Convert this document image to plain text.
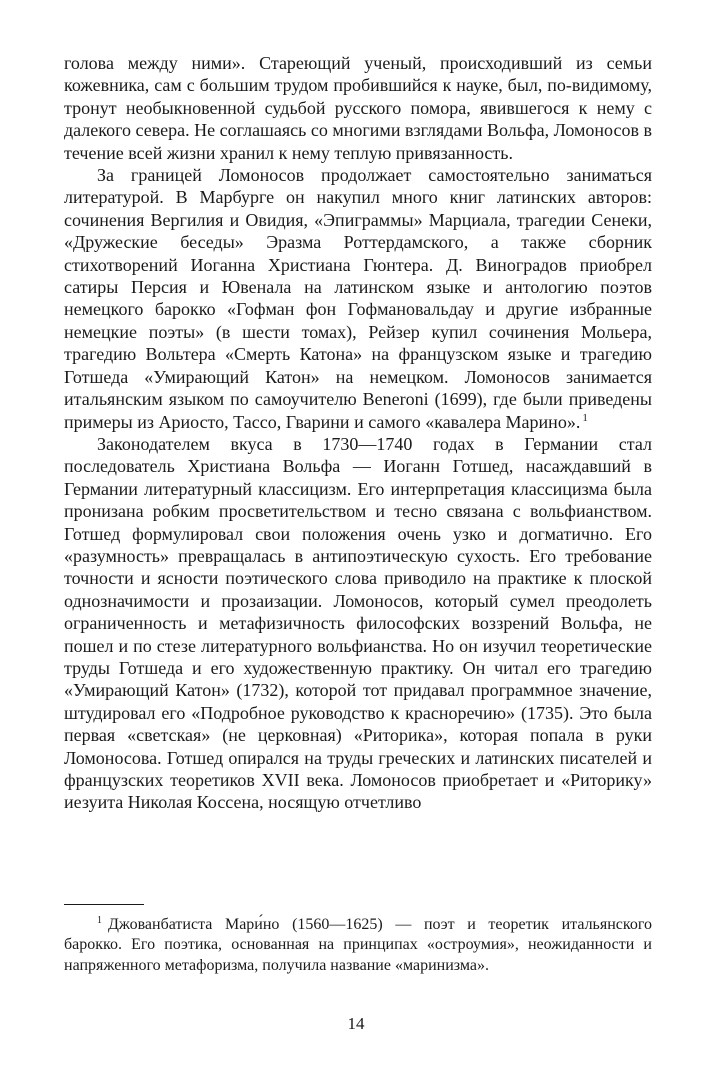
голова между ними». Стареющий ученый, происходивший из семьи кожевника, сам с большим трудом пробившийся к науке, был, по-видимому, тронут необыкновенной судьбой русского помора, явившегося к нему с далекого севера. Не соглашаясь со многими взглядами Вольфа, Ломоносов в течение всей жизни хранил к нему теплую привязанность.

За границей Ломоносов продолжает самостоятельно заниматься литературой. В Марбурге он накупил много книг латинских авторов: сочинения Вергилия и Овидия, «Эпиграммы» Марциала, трагедии Сенеки, «Дружеские беседы» Эразма Роттердамского, а также сборник стихотворений Иоганна Христиана Гюнтера. Д. Виноградов приобрел сатиры Персия и Ювенала на латинском языке и антологию поэтов немецкого барокко «Гофман фон Гофмановальдау и другие избранные немецкие поэты» (в шести томах), Рейзер купил сочинения Мольера, трагедию Вольтера «Смерть Катона» на французском языке и трагедию Готшеда «Умирающий Катон» на немецком. Ломоносов занимается итальянским языком по самоучителю Веneroni (1699), где были приведены примеры из Ариосто, Тассо, Гварини и самого «кавалера Марино». $^1$

Законодателем вкуса в 1730—1740 годах в Германии стал последователь Христиана Вольфа — Иоганн Готшед, насаждавший в Германии литературный классицизм. Его интерпретация классицизма была пронизана робким просветительством и тесно связана с вольфианством. Готшед формулировал свои положения очень узко и догматично. Его «разумность» превращалась в антипоэтическую сухость. Его требование точности и ясности поэтического слова приводило на практике к плоской однозначимости и прозаизации. Ломоносов, который сумел преодолеть ограниченность и метафизичность философских воззрений Вольфа, не пошел и по стезе литературного вольфианства. Но он изучил теоретические труды Готшеда и его художественную практику. Он читал его трагедию «Умирающий Катон» (1732), которой тот придавал программное значение, штудировал его «Подробное руководство к красноречию» (1735). Это была первая «светская» (не церковная) «Риторика», которая попала в руки Ломоносова. Готшед опирался на труды греческих и латинских писателей и французских теоретиков XVII века. Ломоносов приобретает и «Риторику» иезуита Николая Коссена, носящую отчетливо

$^1$ Джованбатиста Мари́но (1560—1625) — поэт и теоретик итальянского барокко. Его поэтика, основанная на принципах «остроумия», неожиданности и напряженного метафоризма, получила название «маринизма».

14
